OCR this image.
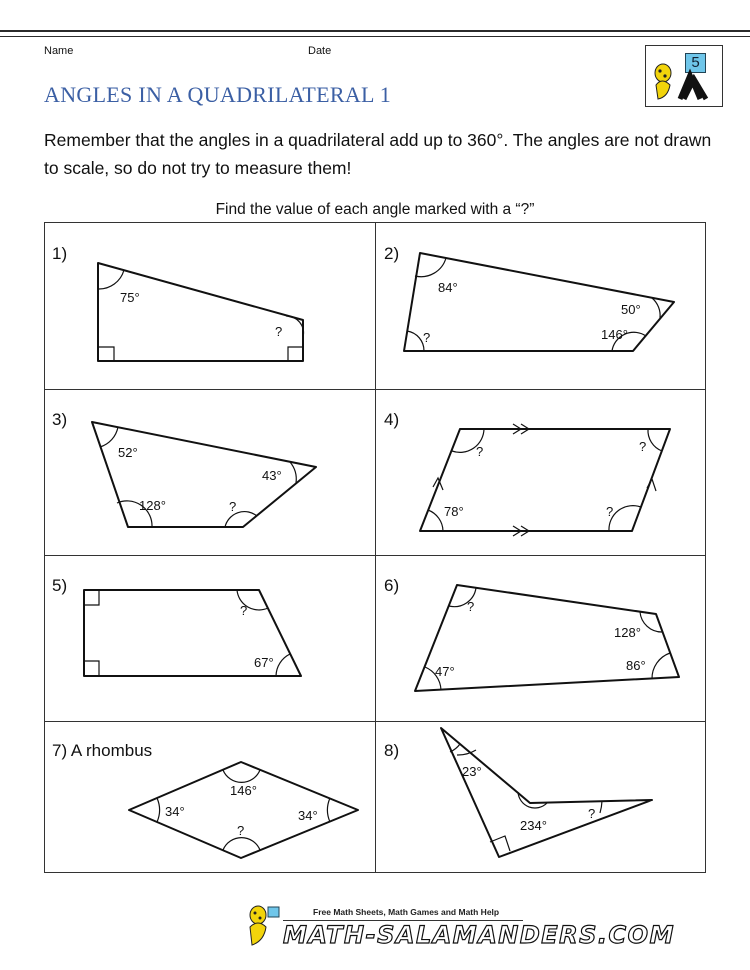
Name	Date
5
ANGLES IN A QUADRILATERAL 1
Remember that the angles in a quadrilateral add up to 360°. The angles are not drawn to scale, so do not try to measure them!
Find the value of each angle marked with a “?”
1)	2)
3)	4)
5)	6)
7) A rhombus	8)
75°
?
84°
50°
146°
?
52°
43°
128°	?
?	?
78°	?
?
67°
?
128°
47°	86°
146°
34°	34°
?
23°
?
234°
Free Math Sheets, Math Games and Math Help
MATH-SALAMANDERS.COM
